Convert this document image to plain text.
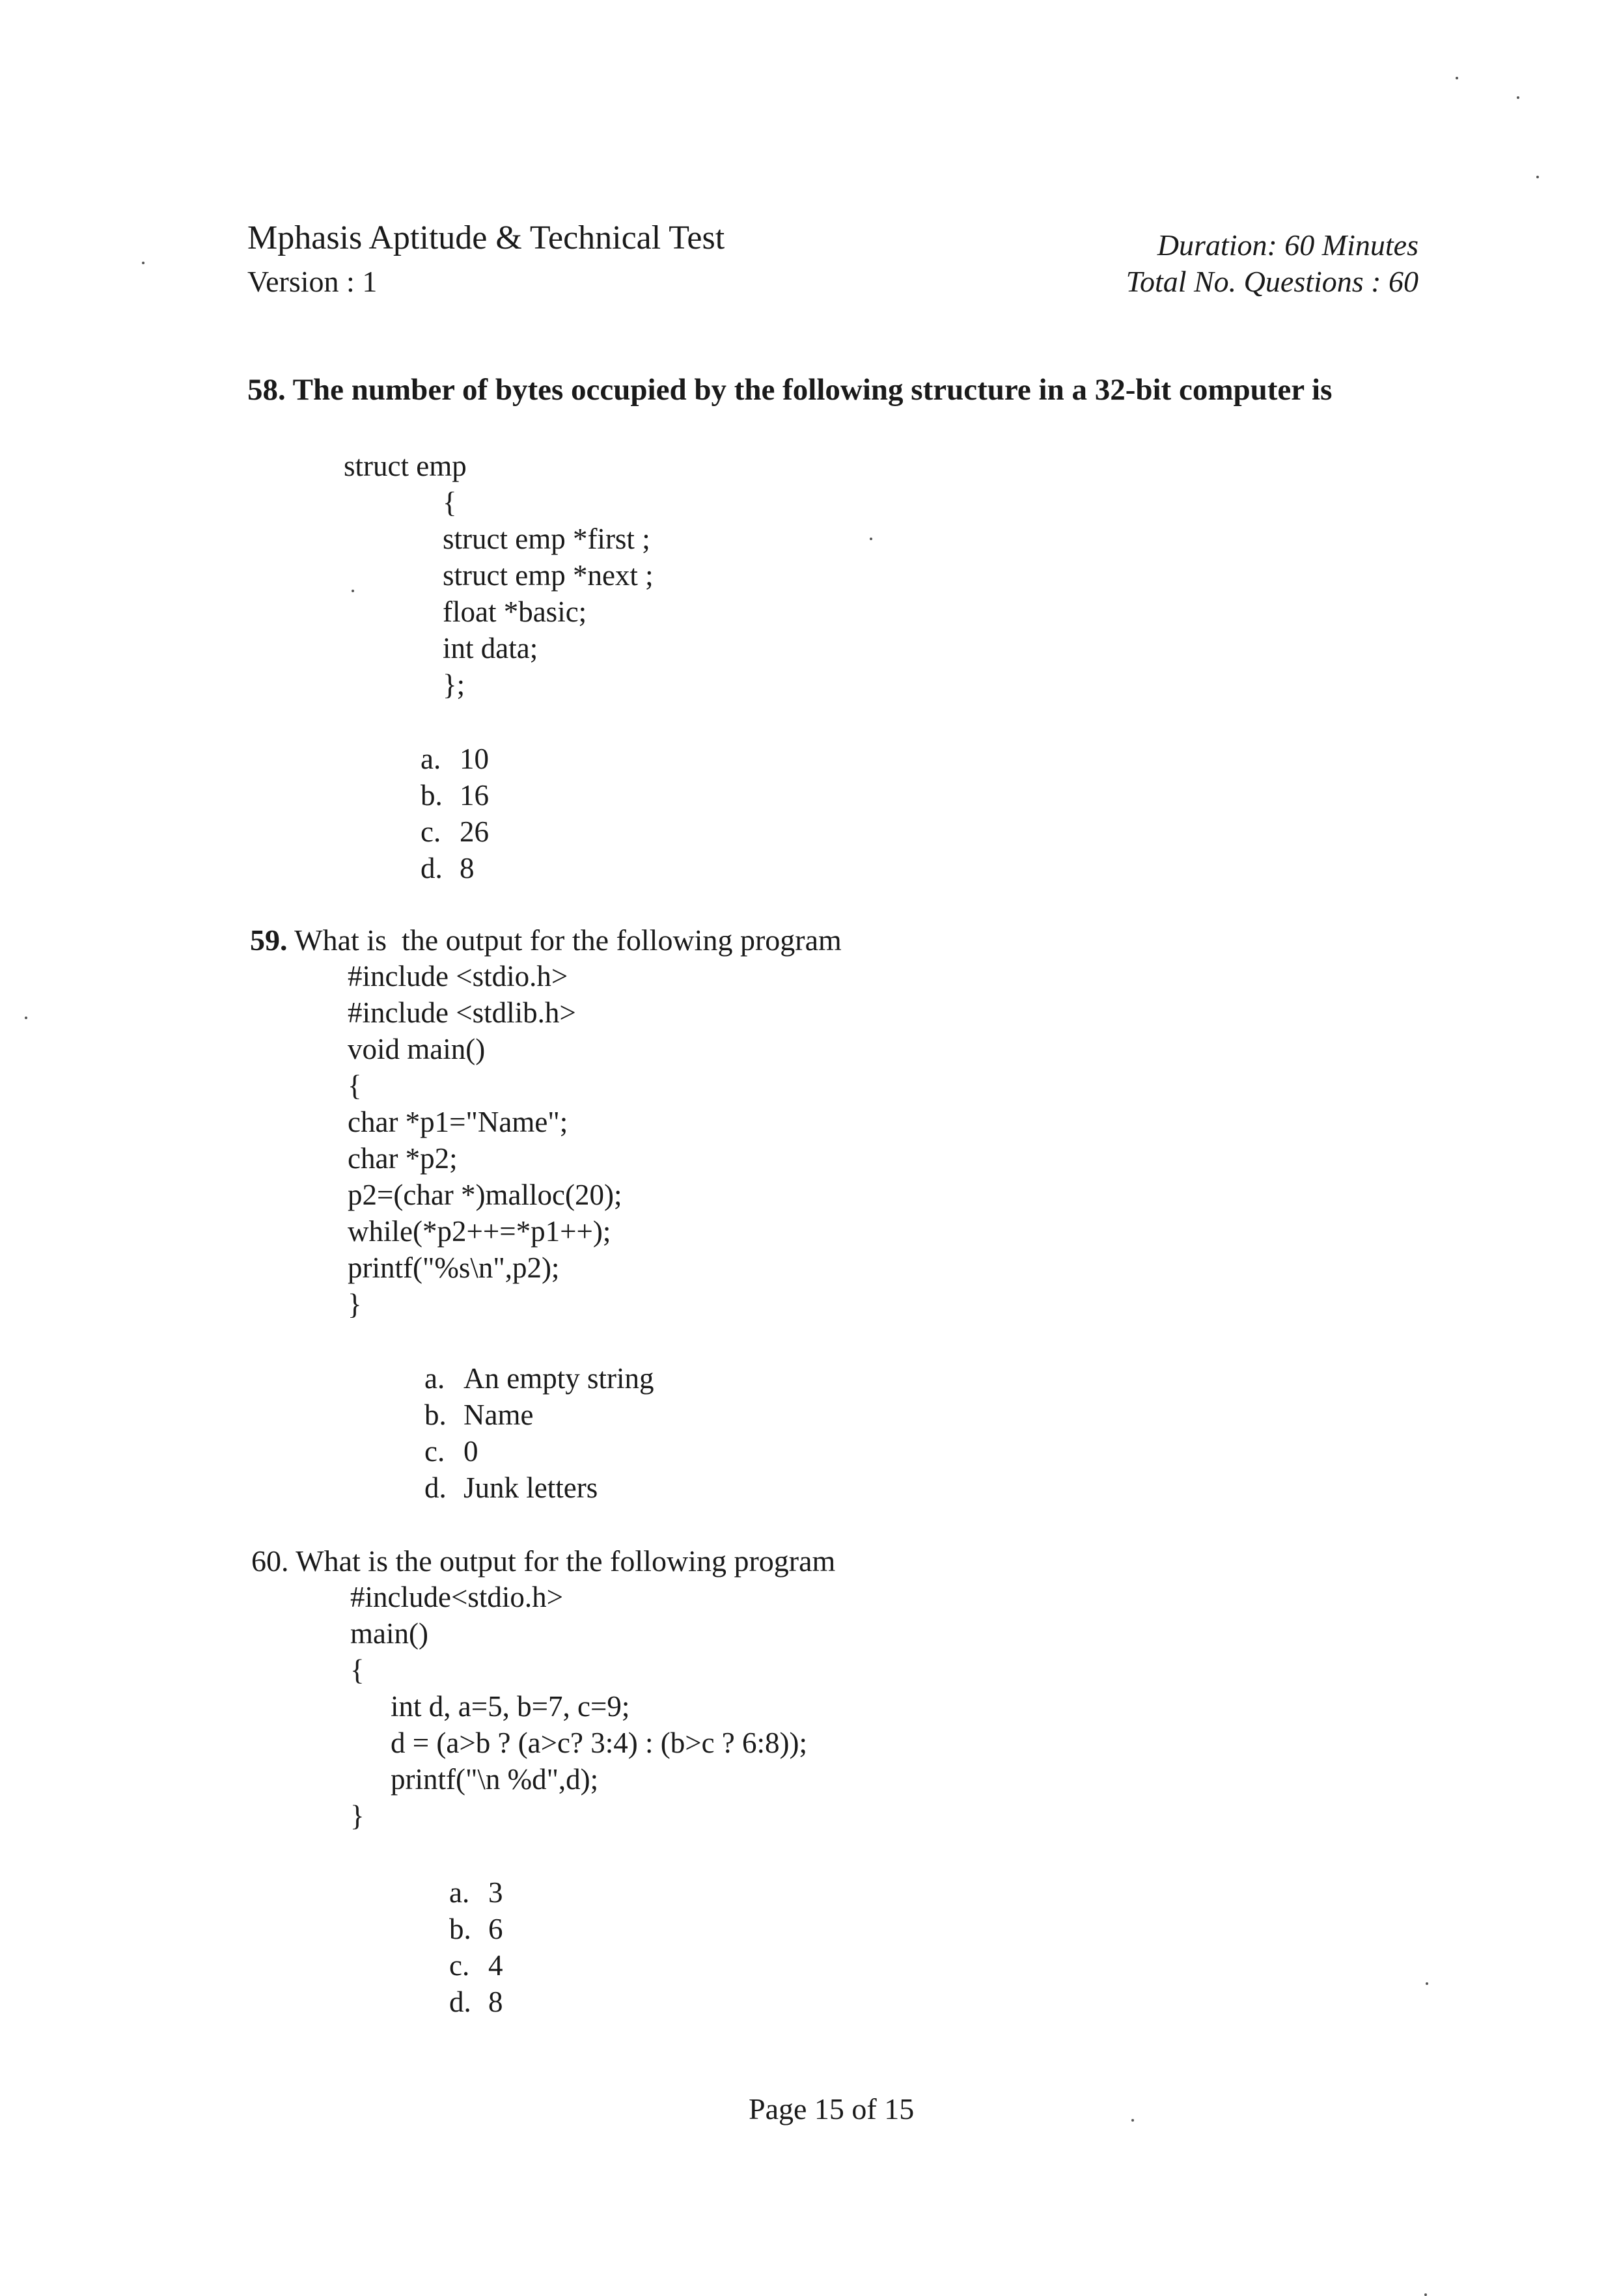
Mphasis Aptitude & Technical Test
Version : 1
Duration: 60 Minutes
Total No. Questions : 60
58. The number of bytes occupied by the following structure in a 32-bit computer is
struct emp
{
struct emp *first ;
struct emp *next ;
float *basic;
int data;
};
a. 10
b. 16
c. 26
d. 8
59. What is  the output for the following program
#include <stdio.h>
#include <stdlib.h>
void main()
{
char *p1="Name";
char *p2;
p2=(char *)malloc(20);
while(*p2++=*p1++);
printf("%s\n",p2);
}
a. An empty string
b. Name
c. 0
d. Junk letters
60. What is the output for the following program
#include<stdio.h>
main()
{
int d, a=5, b=7, c=9;
d = (a>b ? (a>c? 3:4) : (b>c ? 6:8));
printf("\n %d",d);
}
a. 3
b. 6
c. 4
d. 8
Page 15 of 15
